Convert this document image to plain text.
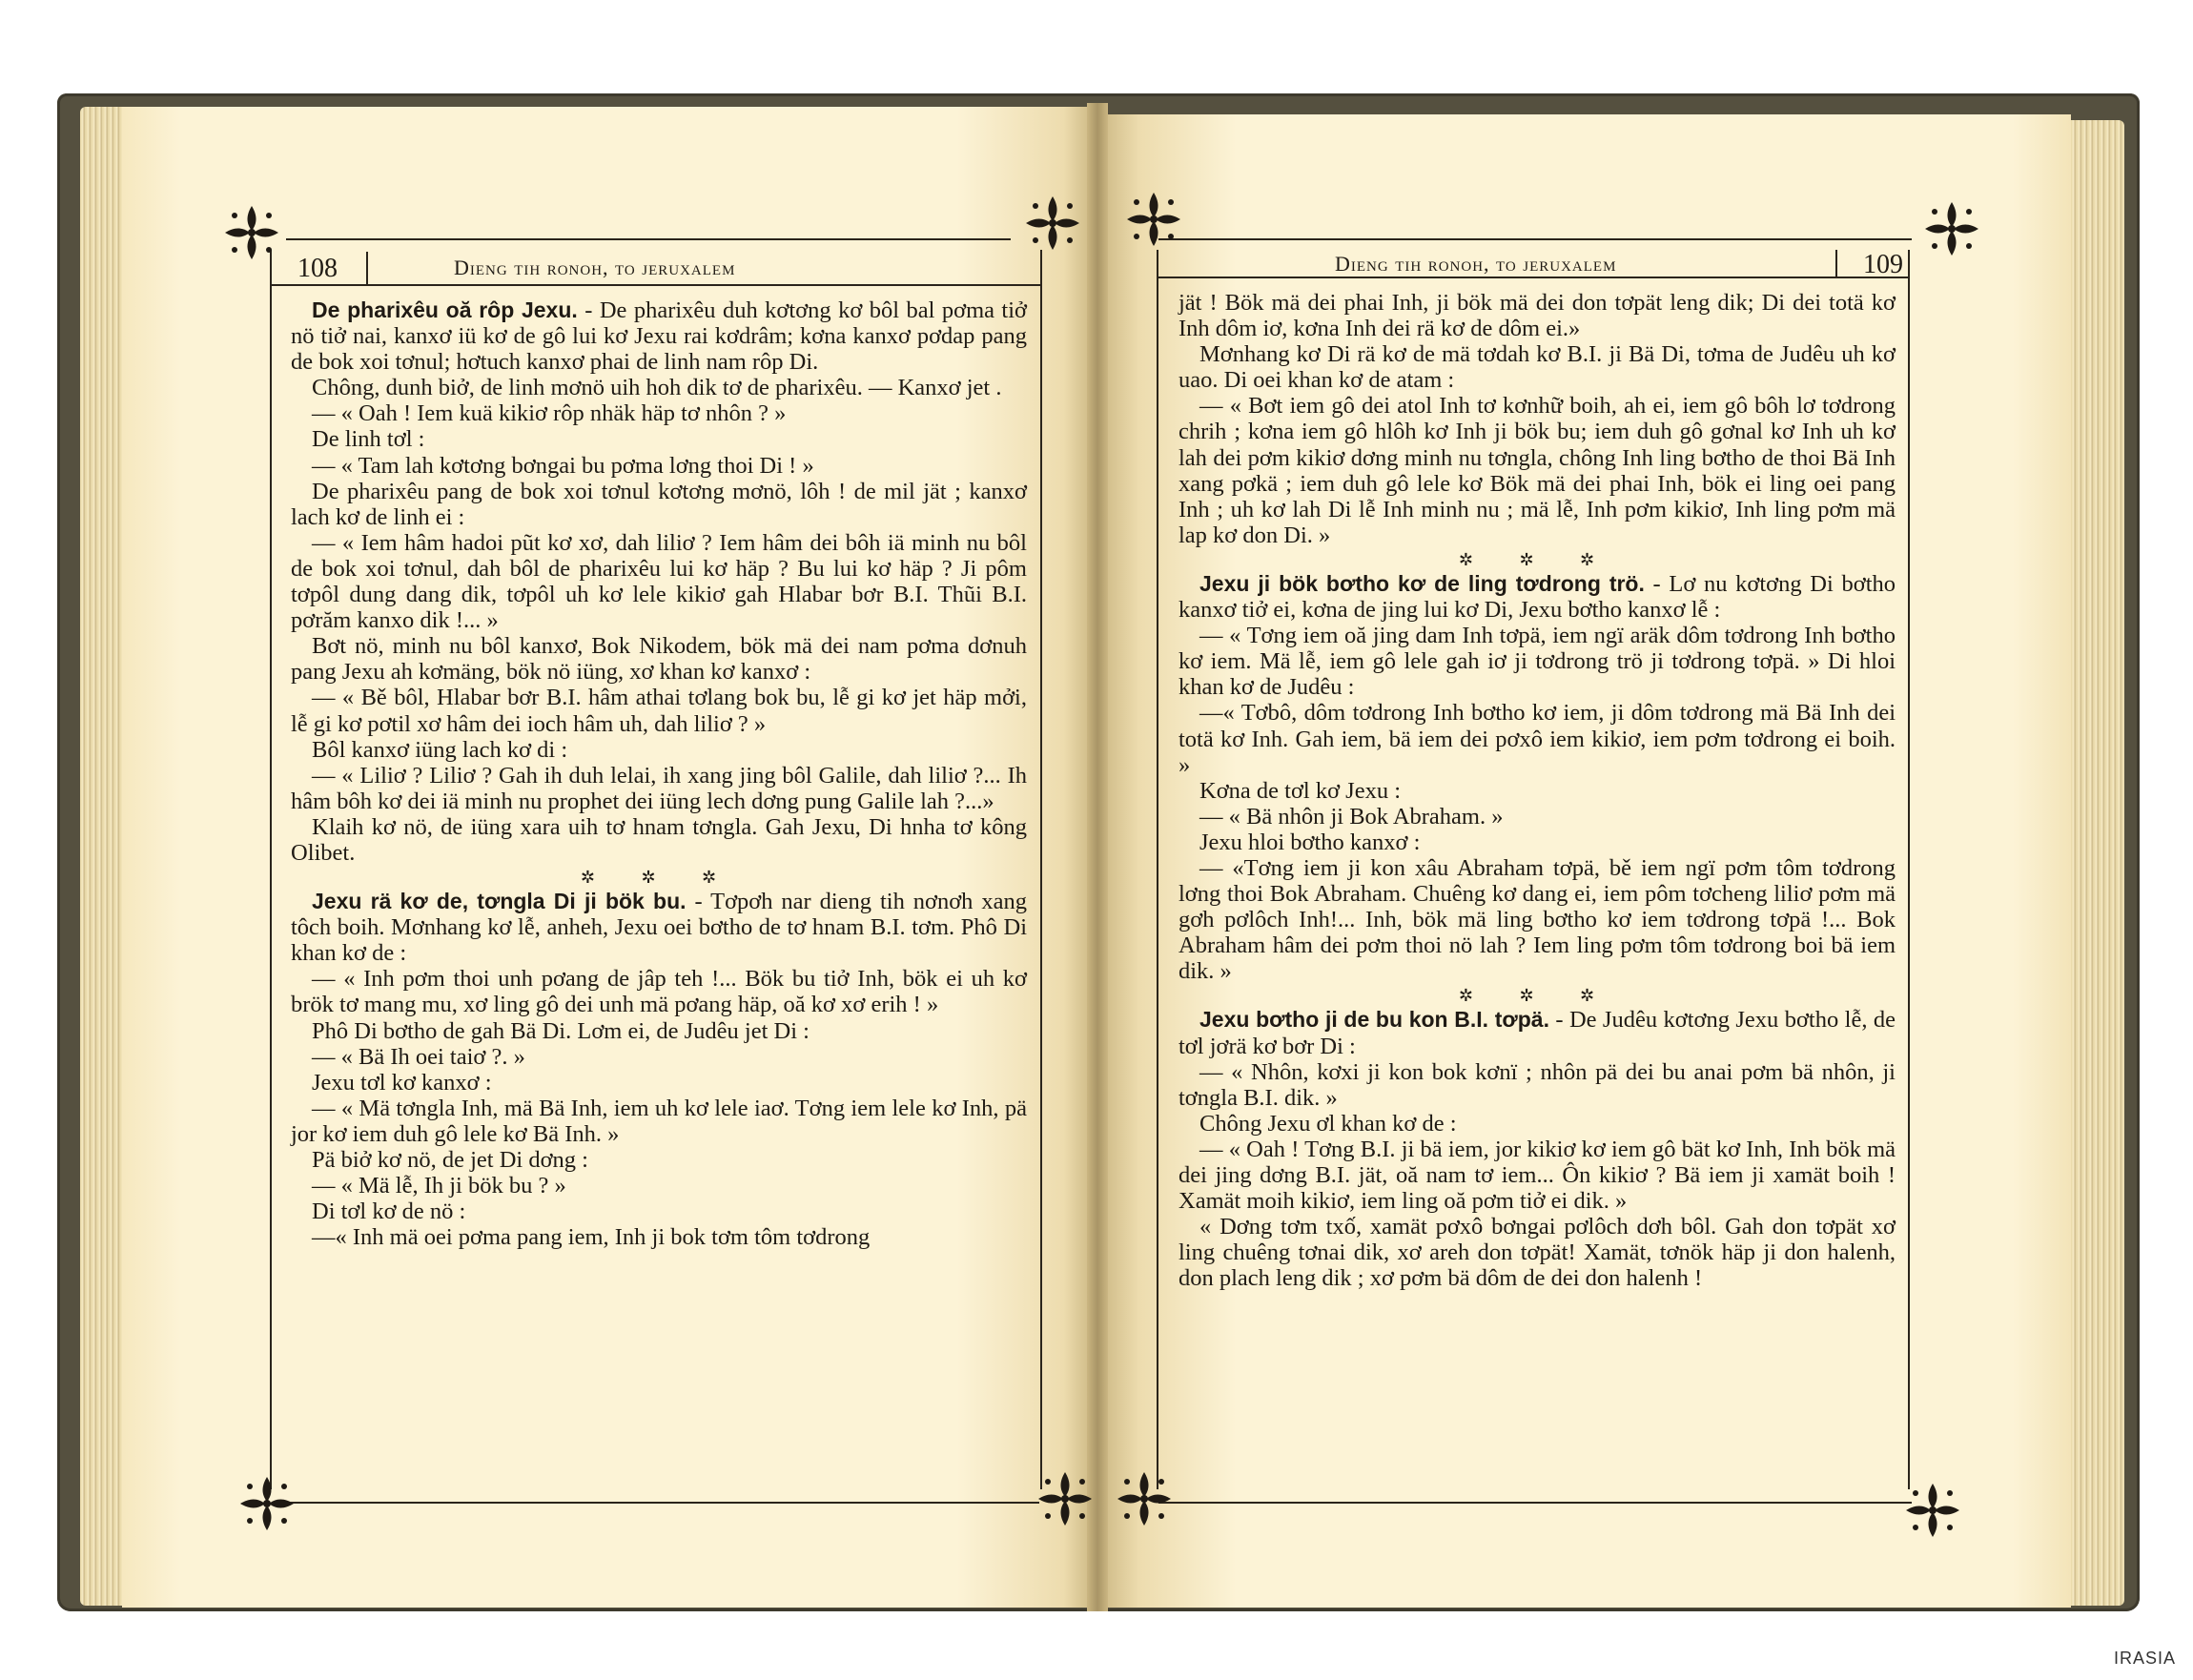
108	Dieng tih ronoh, to jeruxalem	109
Dieng tih ronoh, to jeruxalem

De pharixêu oă rôp Jexu. - De pharixêu duh kơtơng kơ bôl bal pơma tiở nö tiở nai, kanxơ iü kơ de gô lui kơ Jexu rai kơdrâm; kơna kanxơ pơdap pang de bok xoi tơnul; hơtuch kanxơ phai de linh nam rôp Di.

Chông, dunh biở, de linh mơnö uih hoh dik tơ de pharixêu. — Kanxơ jet .

— « Oah ! Iem kuä kikiơ rôp nhäk häp tơ nhôn ? »

De linh tơl :

— « Tam lah kơtơng bơngai bu pơma lơng thoi Di ! »

De pharixêu pang de bok xoi tơnul kơtơng mơnö, lôh ! de mil jät ; kanxơ lach kơ de linh ei :

— « Iem hâm hadoi pũt kơ xơ, dah liliơ ? Iem hâm dei bôh iä minh nu bôl de bok xoi tơnul, dah bôl de pharixêu lui kơ häp ? Bu lui kơ häp ? Ji pôm tơpôl dung dang dik, tơpôl uh kơ lele kikiơ gah Hlabar bơr B.I. Thũi B.I. pơrăm kanxo dik !... »

Bơt nö, minh nu bôl kanxơ, Bok Nikodem, bök mä dei nam pơma dơnuh pang Jexu ah kơmäng, bök nö iüng, xơ khan kơ kanxơ :

— « Bě bôl, Hlabar bơr B.I. hâm athai tơlang bok bu, lễ gi kơ jet häp mởi, lễ gi kơ pơtil xơ hâm dei ioch hâm uh, dah liliơ ? »

Bôl kanxơ iüng lach kơ di :

— « Liliơ ? Liliơ ? Gah ih duh lelai, ih xang jing bôl Galile, dah liliơ ?... Ih hâm bôh kơ dei iä minh nu prophet dei iüng lech dơng pung Galile lah ?...»

Klaih kơ nö, de iüng xara uih tơ hnam tơngla. Gah Jexu, Di hnha tơ kông Olibet.

✲ ✲ ✲

Jexu rä kơ de, tơngla Di ji bök bu. - Tơpơh nar dieng tih nơnơh xang tôch boih. Mơnhang kơ lễ, anheh, Jexu oei bơtho de tơ hnam B.I. tơm. Phô Di khan kơ de :

— « Inh pơm thoi unh pơang de jâp teh !... Bök bu tiở Inh, bök ei uh kơ brök tơ mang mu, xơ ling gô dei unh mä pơang häp, oă kơ xơ erih ! »

Phô Di bơtho de gah Bä Di. Lơm ei, de Judêu jet Di :

— « Bä Ih oei taiơ ?. »

Jexu tơl kơ kanxơ :

— « Mä tơngla Inh, mä Bä Inh, iem uh kơ lele iaơ. Tơng iem lele kơ Inh, pä jor kơ iem duh gô lele kơ Bä Inh. »

Pä biở kơ nö, de jet Di dơng :

— « Mä lễ, Ih ji bök bu ? »

Di tơl kơ de nö :

—« Inh mä oei pơma pang iem, Inh ji bok tơm tôm tơdrong

jät ! Bök mä dei phai Inh, ji bök mä dei don tơpät leng dik; Di dei totä kơ Inh dôm iơ, kơna Inh dei rä kơ de dôm ei.»

Mơnhang kơ Di rä kơ de mä tơdah kơ B.I. ji Bä Di, tơma de Judêu uh kơ uao. Di oei khan kơ de atam :

— « Bơt iem gô dei atol Inh tơ kơnhữ boih, ah ei, iem gô bôh lơ tơdrong chrih ; kơna iem gô hlôh kơ Inh ji bök bu; iem duh gô gơnal kơ Inh uh kơ lah dei pơm kikiơ dơng minh nu tơngla, chông Inh ling bơtho de thoi Bä Inh xang pơkä ; iem duh gô lele kơ Bök mä dei phai Inh, bök ei ling oei pang Inh ; uh kơ lah Di lễ Inh minh nu ; mä lễ, Inh pơm kikiơ, Inh ling pơm mä lap kơ don Di. »

✲ ✲ ✲

Jexu ji bök bơtho kơ de ling tơdrong trö. - Lơ nu kơtơng Di bơtho kanxơ tiở ei, kơna de jing lui kơ Di, Jexu bơtho kanxơ lễ :

— « Tơng iem oă jing dam Inh tơpä, iem ngï aräk dôm tơdrong Inh bơtho kơ iem. Mä lễ, iem gô lele gah iơ ji tơdrong trö ji tơdrong tơpä. » Di hloi khan kơ de Judêu :

—« Tơbô, dôm tơdrong Inh bơtho kơ iem, ji dôm tơdrong mä Bä Inh dei totä kơ Inh. Gah iem, bä iem dei pơxô iem kikiơ, iem pơm tơdrong ei boih. »

Kơna de tơl kơ Jexu :

— « Bä nhôn ji Bok Abraham. »

Jexu hloi bơtho kanxơ :

— «Tơng iem ji kon xâu Abraham tơpä, bě iem ngï pơm tôm tơdrong lơng thoi Bok Abraham. Chuêng kơ dang ei, iem pôm tơcheng liliơ pơm mä gơh pơlôch Inh!... Inh, bök mä ling bơtho kơ iem tơdrong tơpä !... Bok Abraham hâm dei pơm thoi nö lah ? Iem ling pơm tôm tơdrong boi bä iem dik. »

✲ ✲ ✲

Jexu bơtho ji de bu kon B.I. tơpä. - De Judêu kơtơng Jexu bơtho lễ, de tơl jơrä kơ bơr Di :

— « Nhôn, kơxi ji kon bok kơnï ; nhôn pä dei bu anai pơm bä nhôn, ji tơngla B.I. dik. »

Chông Jexu ơl khan kơ de :

— « Oah ! Tơng B.I. ji bä iem, jor kikiơ kơ iem gô bät kơ Inh, Inh bök mä dei jing dơng B.I. jät, oă nam tơ iem... Ôn kikiơ ? Bä iem ji xamät boih ! Xamät moih kikiơ, iem ling oă pơm tiở ei dik. »

« Dơng tơm txố, xamät pơxô bơngai pơlôch dơh bôl. Gah don tơpät xơ ling chuêng tơnai dik, xơ areh don tơpät! Xamät, tơnök häp ji don halenh, don plach leng dik ; xơ pơm bä dôm de dei don halenh !

IRASIA
